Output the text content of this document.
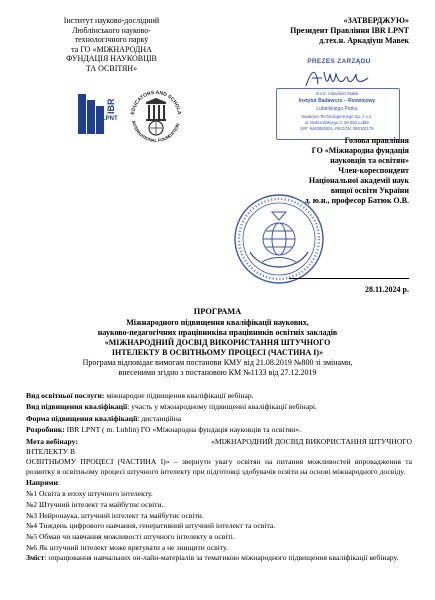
Інститут науково-дослідний
Люблінського науково-
технологічного парку
та ГО «МІЖНАРОДНА
ФУНДАЦІЯ НАУКОВЦІВ
ТА ОСВІТЯН»
«ЗАТВЕРДЖУЮ»
Президент Правління IBR LPNT
д.тех.н. Аркадіуш Мавек
LPNT
IBR	EDUCATORS AND SCHOLA
INTERNATIONAL FOUNDATION
PREZES ZARZĄDU
dr inż. Arkadiusz Małek
Instytut Badawczo – Rozwojowy
Lubelskiego Parku
Naukowo Technologicznego Sp. z o.o.
ul. Dobrzańskiego 3, 20-262 Lublin
NIP: 9462650501, REGON: 360101179
Голова правління
ГО «Міжнародна фундація
науковців та освітян»
Член-кореспондент
Національної академії наук
вищої освіти України
д. ю.н., професор Батюк О.В.
28.11.2024 р.
ПРОГРАМА
Міжнародного підвищення кваліфікації наукових,
науково-педагогічних працівниківа працівників освітніх закладів
«МІЖНАРОДНИЙ ДОСВІД ВИКОРИСТАННЯ ШТУЧНОГО
ІНТЕЛЕКТУ В ОСВІТНЬОМУ ПРОЦЕСІ (ЧАСТИНА І)»
Програма відповідає вимогам постанови КМУ від 21.08.2019 №800 зі змінами,
внесеними згідно з постановою КМ №1133 від 27.12.2019

Вид освітньої послуги: міжнародне підвищення кваліфікації вебінар.

Вид підвищення кваліфікації: участь у міжнародному підвищенні кваліфікації вебінарі.

Форма підвищення кваліфікації: дистанційна

Розробник: IBR LPNT ( m. Lublin) ГО «Міжнародна фундація науковців та освітян».

Мета вебінару:	«МІЖНАРОДНИЙ ДОСВІД ВИКОРИСТАННЯ ШТУЧНОГО
ІНТЕЛЕКТУ В

ОСВІТНЬОМУ ПРОЦЕСІ (ЧАСТИНА І)» – звернути увагу освітян на питання можливостей впровадження та розвитку в освітньому процесі штучного інтелекту при підготовці здобувачів освіти на основі міжнародного досвіду.

Напрями:

№1 Освіта в епоху штучного інтелекту.
№2 Штучний інтелект та майбутнє освіти.
№3 Нейронаука, штучний інтелект та майбутнє освіти.
№4 Тиждень цифрового навчання, генеративний штучний інтелект та освіта.
№5 Обман чи навчання можливості штучного інтелекту в освіті.
№6 Як штучний інтелект може врятувати а не знищити освіту.

Зміст: опрацювання навчальних он-лайн-матеріалів за тематикою міжнародного підвищення кваліфікації вебінару.
